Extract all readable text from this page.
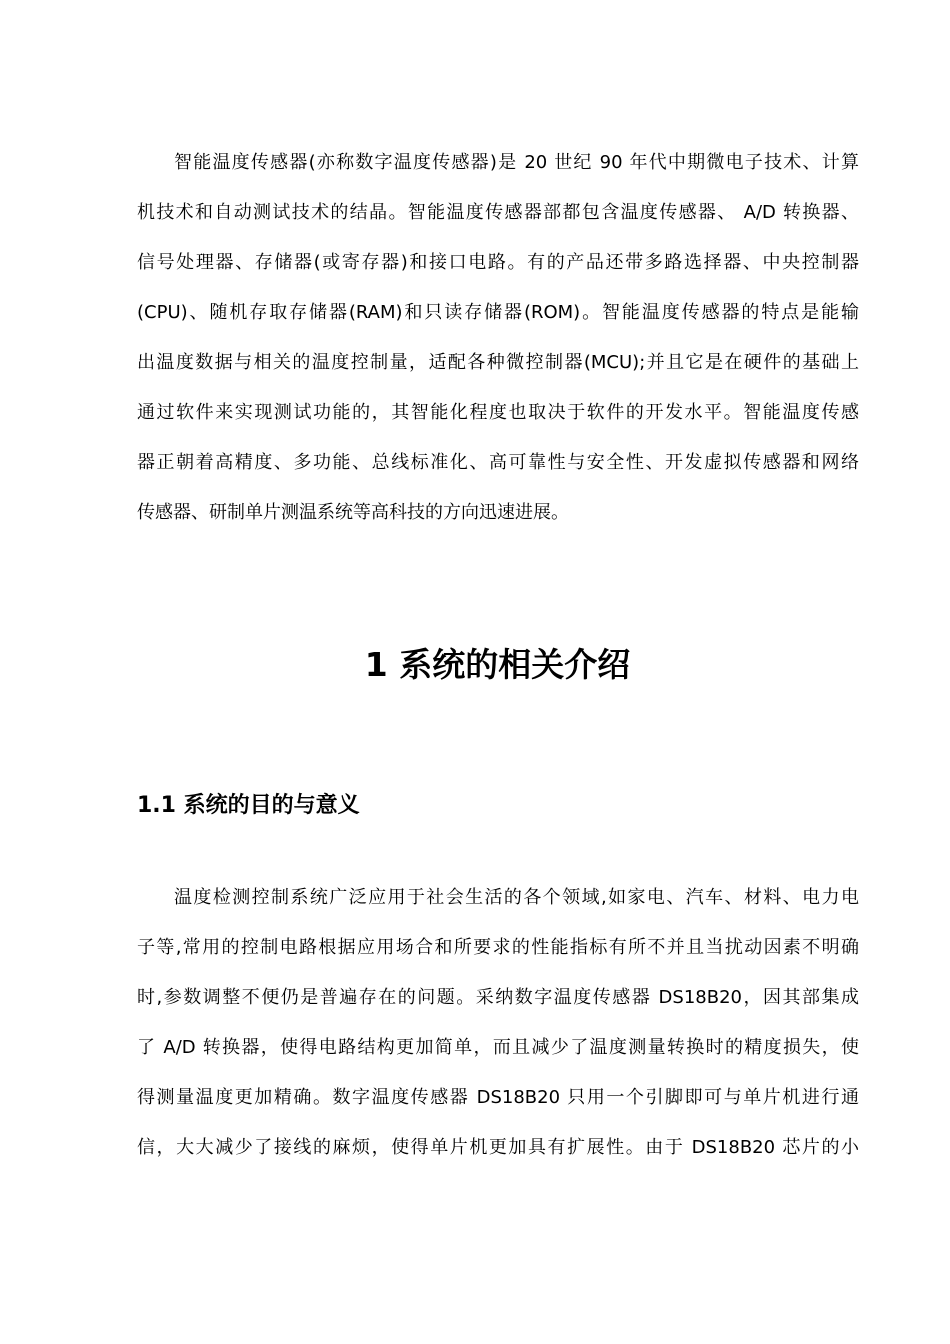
智能温度传感器(亦称数字温度传感器)是 20 世纪 90 年代中期微电子技术、计算
机技术和自动测试技术的结晶。智能温度传感器部都包含温度传感器、 A/D 转换器、
信号处理器、存储器(或寄存器)和接口电路。有的产品还带多路选择器、中央控制器
(CPU)、随机存取存储器(RAM)和只读存储器(ROM)。智能温度传感器的特点是能输
出温度数据与相关的温度控制量，适配各种微控制器(MCU);并且它是在硬件的基础上
通过软件来实现测试功能的，其智能化程度也取决于软件的开发水平。智能温度传感
器正朝着高精度、多功能、总线标准化、高可靠性与安全性、开发虚拟传感器和网络
传感器、研制单片测温系统等高科技的方向迅速进展。
1 系统的相关介绍
1.1 系统的目的与意义
温度检测控制系统广泛应用于社会生活的各个领域,如家电、汽车、材料、电力电
子等,常用的控制电路根据应用场合和所要求的性能指标有所不并且当扰动因素不明确
时,参数调整不便仍是普遍存在的问题。采纳数字温度传感器 DS18B20，因其部集成
了 A/D 转换器，使得电路结构更加简单，而且减少了温度测量转换时的精度损失，使
得测量温度更加精确。数字温度传感器 DS18B20 只用一个引脚即可与单片机进行通
信，大大减少了接线的麻烦，使得单片机更加具有扩展性。由于 DS18B20 芯片的小
